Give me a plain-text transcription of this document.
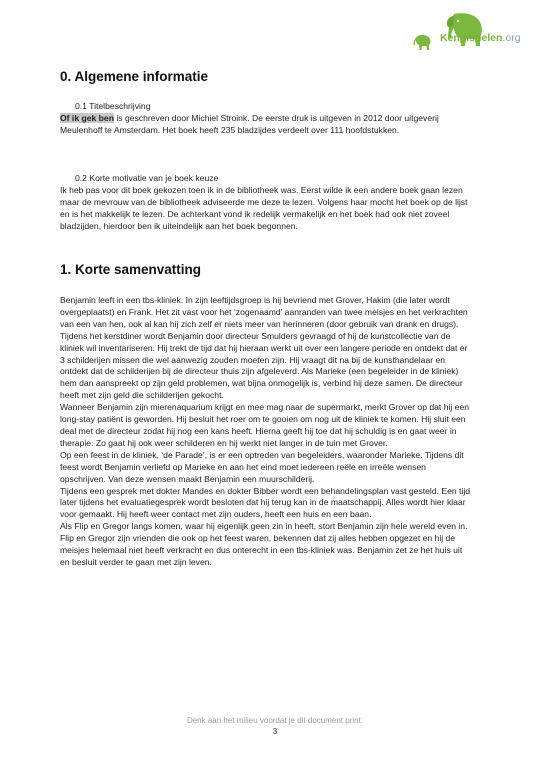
Kennisdelen.org
0. Algemene informatie
0.1 Titelbeschrijving

Of ik gek ben is geschreven door Michiel Stroink. De eerste druk is uitgeven in 2012 door uitgeverij Meulenhoff te Amsterdam. Het boek heeft 235 bladzijdes verdeelt over 111 hoofdstukken.

0.2 Korte motivatie van je boek keuze

Ik heb pas voor dit boek gekozen toen ik in de bibliotheek was. Eerst wilde ik een andere boek gaan lezen maar de mevrouw van de bibliotheek adviseerde me deze te lezen. Volgens haar mocht het boek op de lijst en is het makkelijk te lezen. De achterkant vond ik redelijk vermakelijk en het boek had ook niet zoveel bladzijden, hierdoor ben ik uiteindelijk aan het boek begonnen.

1. Korte samenvatting

Benjamin leeft in een tbs-kliniek. In zijn leeftijdsgroep is hij bevriend met Grover, Hakim (die later wordt overgeplaatst) en Frank. Het zit vast voor het ‘zogenaamd’ aanranden van twee meisjes en het verkrachten van een van hen, ook al kan hij zich zelf er niets meer van herinneren (door gebruik van drank en drugs).
Tijdens het kerstdiner wordt Benjamin door directeur Smulders gevraagd of hij de kunstcollectie van de kliniek wil inventariseren. Hij trekt de tijd dat hij hieraan werkt uit over een langere periode en ontdekt dat er 3 schilderijen missen die wel aanwezig zouden moeten zijn. Hij vraagt dit na bij de kunsthandelaar en ontdekt dat de schilderijen bij de directeur thuis zijn afgeleverd. Als Marieke (een begeleider in de kliniek) hem dan aanspreekt op zijn geld problemen, wat bijna onmogelijk is, verbind hij deze samen. De directeur heeft met zijn geld die schilderijen gekocht.
Wanneer Benjamin zijn mierenaquarium krijgt en mee mag naar de supermarkt, merkt Grover op dat hij een long-stay patiënt is geworden. Hij besluit het roer om te gooien om nog uit de kliniek te komen. Hij sluit een deal met de directeur zodat hij nog een kans heeft. Hierna geeft hij toe dat hij schuldig is en gaat weer in therapie. Zo gaat hij ook weer schilderen en hij werkt niet langer in de tuin met Grover.
Op een feest in de kliniek, ‘de Parade’, is er een optreden van begeleiders, waaronder Marieke. Tijdens dit feest wordt Benjamin verliefd op Marieke en aan het eind moet iedereen reële en irreële wensen opschrijven. Van deze wensen maakt Benjamin een muurschilderij.
Tijdens een gesprek met dokter Mandes en dokter Bibber wordt een behandelingsplan vast gesteld. Een tijd later tijdens het evaluatiegesprek wordt besloten dat hij terug kan in de maatschappij. Alles wordt hier klaar voor gemaakt. Hij heeft weer contact met zijn ouders, heeft een huis en een baan.
Als Flip en Gregor langs komen, waar hij eigenlijk geen zin in heeft, stort Benjamin zijn hele wereld even in. Flip en Gregor zijn vrienden die ook op het feest waren, bekennen dat zij alles hebben opgezet en hij de meisjes helemaal niet heeft verkracht en dus onterecht in een tbs-kliniek was. Benjamin zet ze het huis uit en besluit verder te gaan met zijn leven.

Denk aan het milieu voordat je dit document print.
3
